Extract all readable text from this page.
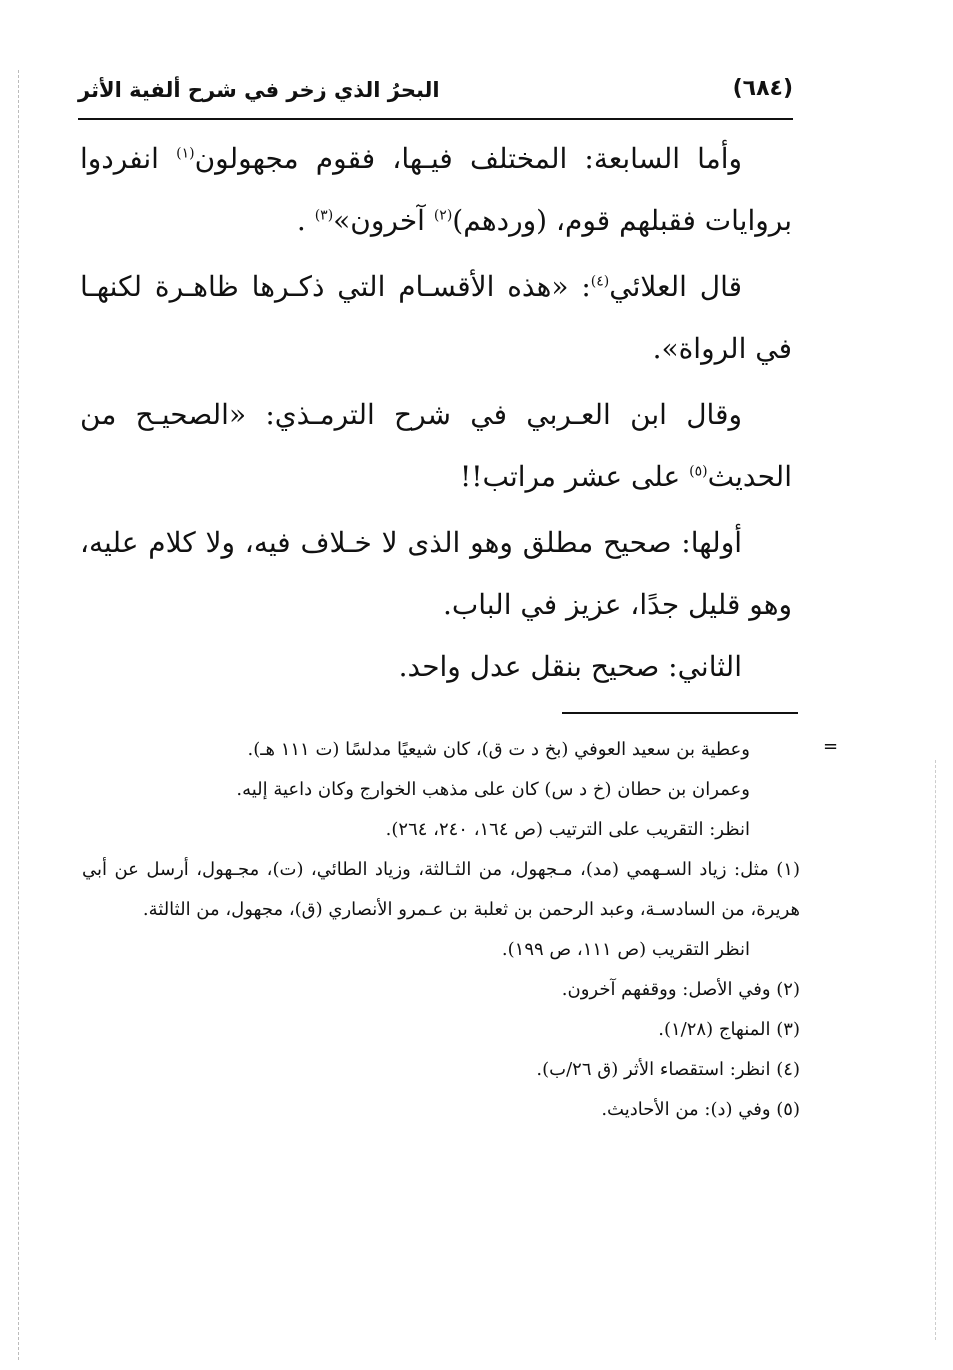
(٦٨٤)
البحرُ الذي زخر في شرح ألفية الأثر

وأما السابعة: المختلف فيـها، فقوم مجهولون$^{(١)}$ انفردوا بروايات فقبلهم قوم، (وردهم)$^{(٢)}$ آخرون»$^{(٣)}$ .

قال العلائي$^{(٤)}$: «هذه الأقسـام التي ذكـرها ظاهـرة لكنهـا في الرواة».

وقال ابن العـربي في شرح الترمـذي: «الصحيـح من الحديث$^{(٥)}$ على عشر مراتب!!

أولها: صحيح مطلق وهو الذى لا خـلاف فيه، ولا كلام عليه، وهو قليل جدًا، عزيز في الباب.

الثاني: صحيح بنقل عدل واحد.

=

وعطية بن سعيد العوفي (بخ د ت ق)، كان شيعيًا مدلسًا (ت ١١١ هـ).

وعمران بن حطان (خ د س) كان على مذهب الخوارج وكان داعية إليه.

انظر: التقريب على الترتيب (ص ١٦٤، ٢٤٠، ٢٦٤).

(١) مثل: زياد السـهمي (مد)، مـجهول، من الثـالثة، وزياد الطائي، (ت)، مجـهول، أرسل عن أبي هريرة، من السادسـة، وعبد الرحمن بن ثعلبة بن عـمرو الأنصاري (ق)، مجهول، من الثالثة.

انظر التقريب (ص ١١١، ص ١٩٩).

(٢) وفي الأصل: ووقفهم آخرون.

(٣) المنهاج (١/٢٨).

(٤) انظر: استقصاء الأثر (ق ٢٦/ب).

(٥) وفي (د): من الأحاديث.
